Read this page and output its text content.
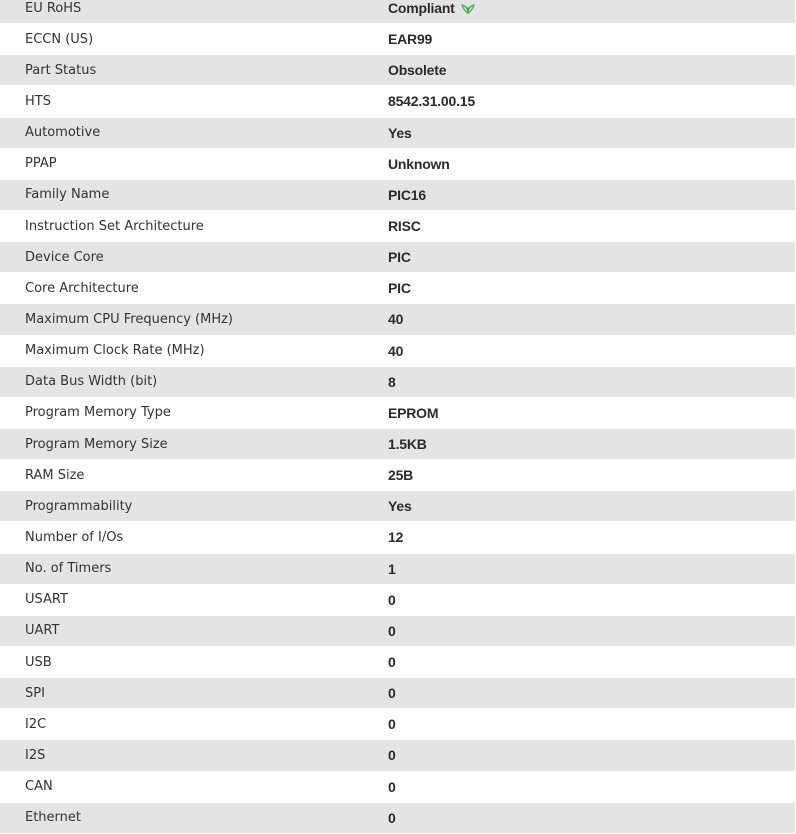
EU RoHS	Compliant
ECCN (US)	EAR99
Part Status	Obsolete
HTS	8542.31.00.15
Automotive	Yes
PPAP	Unknown
Family Name	PIC16
Instruction Set Architecture	RISC
Device Core	PIC
Core Architecture	PIC
Maximum CPU Frequency (MHz)	40
Maximum Clock Rate (MHz)	40
Data Bus Width (bit)	8
Program Memory Type	EPROM
Program Memory Size	1.5KB
RAM Size	25B
Programmability	Yes
Number of I/Os	12
No. of Timers	1
USART	0
UART	0
USB	0
SPI	0
I2C	0
I2S	0
CAN	0
Ethernet	0
